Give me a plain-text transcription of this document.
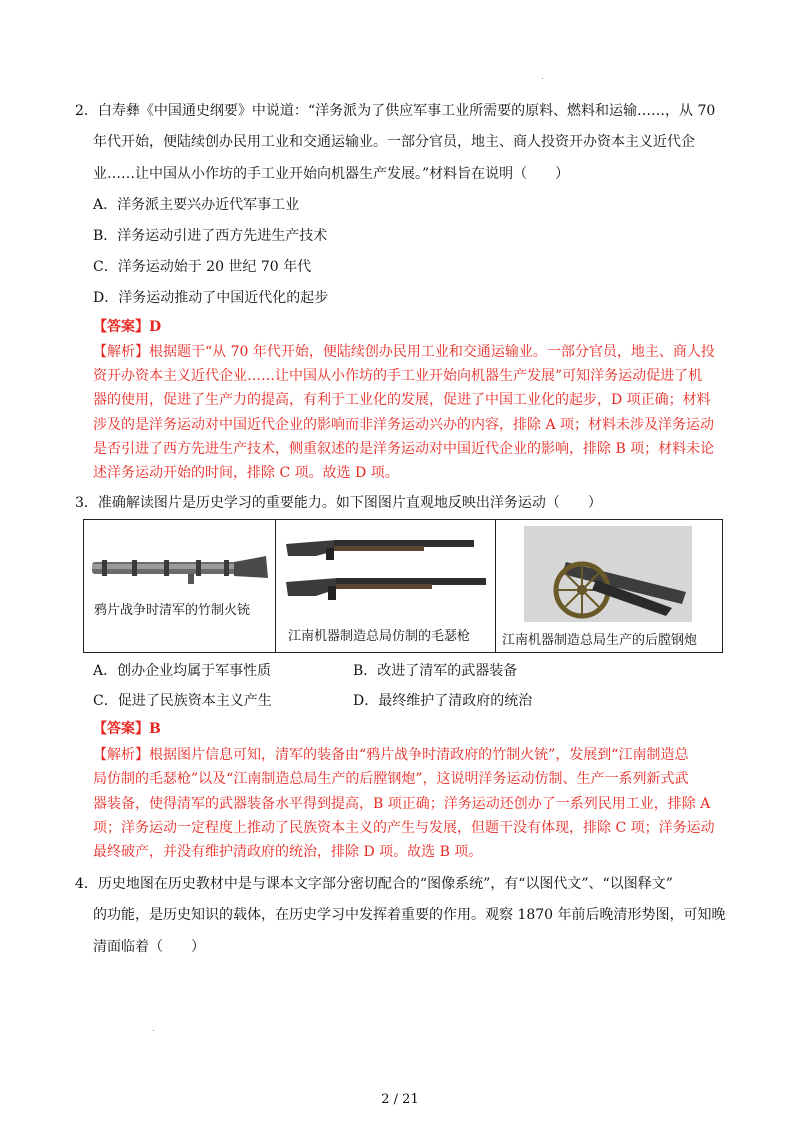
.
2．白寿彝《中国通史纲要》中说道：“洋务派为了供应军事工业所需要的原料、燃料和运输……，从 70
年代开始，便陆续创办民用工业和交通运输业。一部分官员，地主、商人投资开办资本主义近代企
业……让中国从小作坊的手工业开始向机器生产发展。”材料旨在说明（　　）
A．洋务派主要兴办近代军事工业
B．洋务运动引进了西方先进生产技术
C．洋务运动始于 20 世纪 70 年代
D．洋务运动推动了中国近代化的起步
【答案】D
【解析】根据题干“从 70 年代开始，便陆续创办民用工业和交通运输业。一部分官员，地主、商人投
资开办资本主义近代企业……让中国从小作坊的手工业开始向机器生产发展”可知洋务运动促进了机
器的使用，促进了生产力的提高，有利于工业化的发展，促进了中国工业化的起步，D 项正确；材料
涉及的是洋务运动对中国近代企业的影响而非洋务运动兴办的内容，排除 A 项；材料未涉及洋务运动
是否引进了西方先进生产技术，侧重叙述的是洋务运动对中国近代企业的影响，排除 B 项；材料未论
述洋务运动开始的时间，排除 C 项。故选 D 项。
3．准确解读图片是历史学习的重要能力。如下图图片直观地反映出洋务运动（　　）
鸦片战争时清军的竹制火铳

江南机器制造总局仿制的毛瑟枪	江南机器制造总局生产的后膛钢炮
A．创办企业均属于军事性质	B．改进了清军的武器装备
C．促进了民族资本主义产生	D．最终维护了清政府的统治
【答案】B
【解析】根据图片信息可知，清军的装备由“鸦片战争时清政府的竹制火铳”，发展到“江南制造总
局仿制的毛瑟枪”以及“江南制造总局生产的后膛钢炮”，这说明洋务运动仿制、生产一系列新式武
器装备，使得清军的武器装备水平得到提高，B 项正确；洋务运动还创办了一系列民用工业，排除 A
项；洋务运动一定程度上推动了民族资本主义的产生与发展，但题干没有体现，排除 C 项；洋务运动
最终破产，并没有维护清政府的统治，排除 D 项。故选 B 项。
4．历史地图在历史教材中是与课本文字部分密切配合的“图像系统”，有“以图代文”、“以图释文”
的功能，是历史知识的载体，在历史学习中发挥着重要的作用。观察 1870 年前后晚清形势图，可知晚
清面临着（　　）
.
2 / 21
